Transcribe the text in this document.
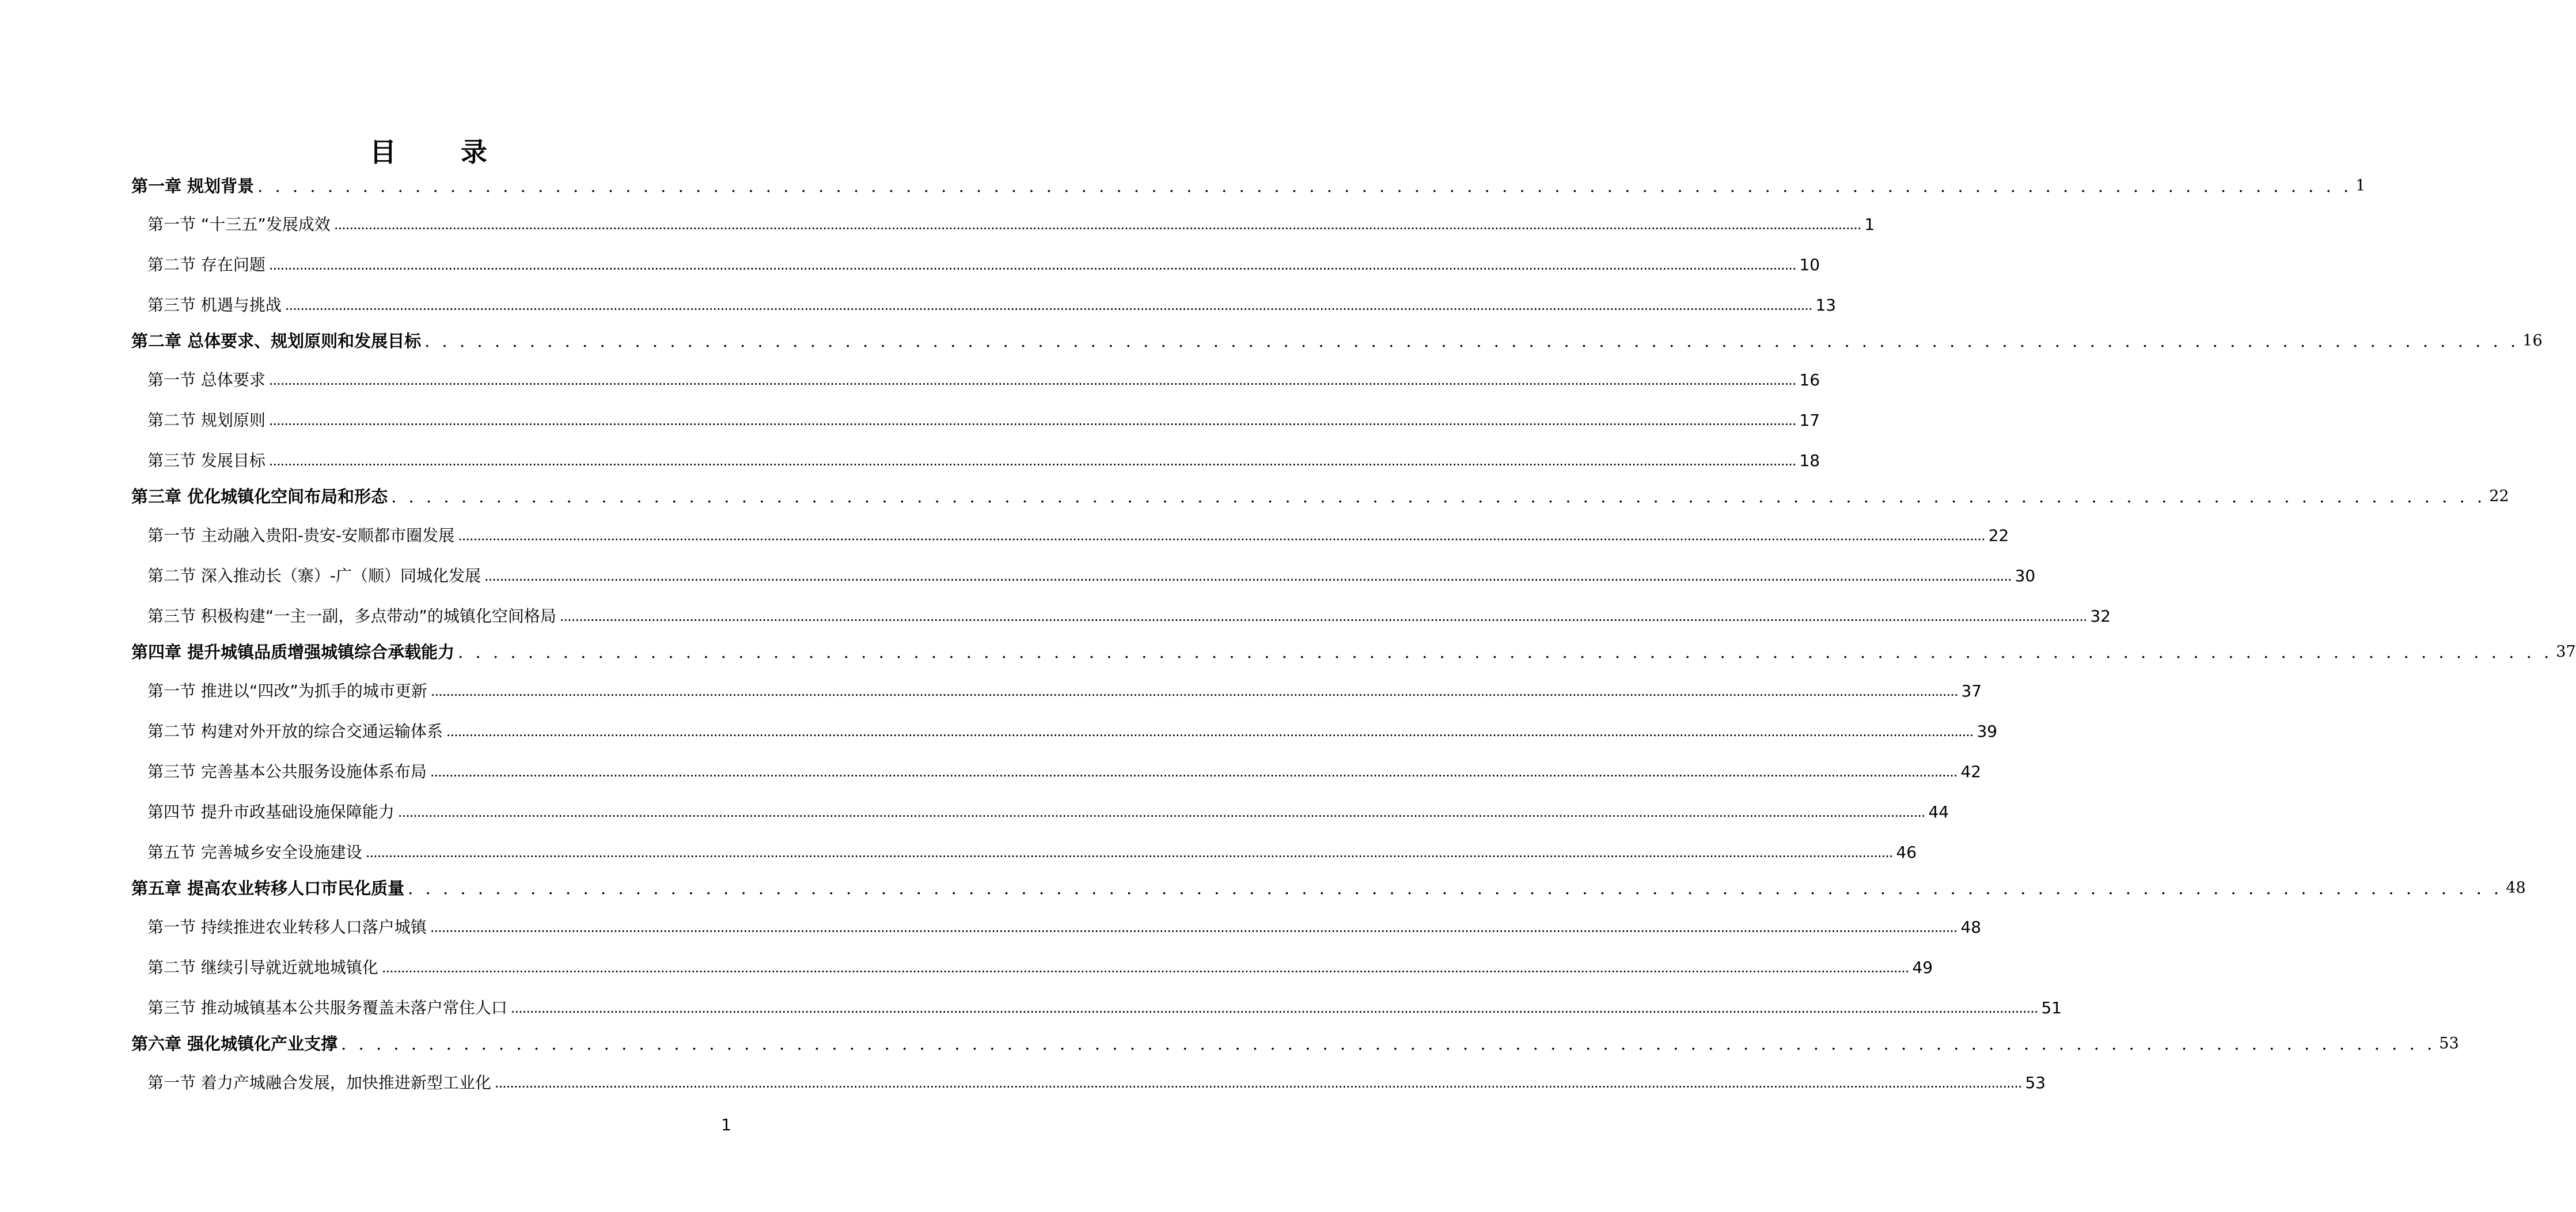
目 录
第一章 规划背景 . . . . . . . . . . . . . . . . . . . . . . . . . . . . . . . . . . . . . . . . . . . . . . . . . . . . . . . . . . . . . . . . . . . . . . . . . . . . . . . . . . . . . . . . . . . . . . . . . . . . . . . . . . . . . . . . . . . . . . . . 1
第一节 “十三五”发展成效 ................................................................................................................................................................................................................................................................................................................................................................................................................ 1
第二节 存在问题 ................................................................................................................................................................................................................................................................................................................................................................................................................ 10
第三节 机遇与挑战 ................................................................................................................................................................................................................................................................................................................................................................................................................ 13
第二章 总体要求、规划原则和发展目标 . . . . . . . . . . . . . . . . . . . . . . . . . . . . . . . . . . . . . . . . . . . . . . . . . . . . . . . . . . . . . . . . . . . . . . . . . . . . . . . . . . . . . . . . . . . . . . . . . . . . . . . . . . . . . . . . . . . . . . . . 16
第一节 总体要求 ................................................................................................................................................................................................................................................................................................................................................................................................................ 16
第二节 规划原则 ................................................................................................................................................................................................................................................................................................................................................................................................................ 17
第三节 发展目标 ................................................................................................................................................................................................................................................................................................................................................................................................................ 18
第三章 优化城镇化空间布局和形态 . . . . . . . . . . . . . . . . . . . . . . . . . . . . . . . . . . . . . . . . . . . . . . . . . . . . . . . . . . . . . . . . . . . . . . . . . . . . . . . . . . . . . . . . . . . . . . . . . . . . . . . . . . . . . . . . . . . . . . . . 22
第一节 主动融入贵阳-贵安-安顺都市圈发展 ................................................................................................................................................................................................................................................................................................................................................................................................................ 22
第二节 深入推动长（寨）-广（顺）同城化发展 ................................................................................................................................................................................................................................................................................................................................................................................................................ 30
第三节 积极构建“一主一副，多点带动”的城镇化空间格局 ................................................................................................................................................................................................................................................................................................................................................................................................................ 32
第四章 提升城镇品质增强城镇综合承载能力 . . . . . . . . . . . . . . . . . . . . . . . . . . . . . . . . . . . . . . . . . . . . . . . . . . . . . . . . . . . . . . . . . . . . . . . . . . . . . . . . . . . . . . . . . . . . . . . . . . . . . . . . . . . . . . . . . . . . . . . . 37
第一节 推进以“四改”为抓手的城市更新 ................................................................................................................................................................................................................................................................................................................................................................................................................ 37
第二节 构建对外开放的综合交通运输体系 ................................................................................................................................................................................................................................................................................................................................................................................................................ 39
第三节 完善基本公共服务设施体系布局 ................................................................................................................................................................................................................................................................................................................................................................................................................ 42
第四节 提升市政基础设施保障能力 ................................................................................................................................................................................................................................................................................................................................................................................................................ 44
第五节 完善城乡安全设施建设 ................................................................................................................................................................................................................................................................................................................................................................................................................ 46
第五章 提高农业转移人口市民化质量 . . . . . . . . . . . . . . . . . . . . . . . . . . . . . . . . . . . . . . . . . . . . . . . . . . . . . . . . . . . . . . . . . . . . . . . . . . . . . . . . . . . . . . . . . . . . . . . . . . . . . . . . . . . . . . . . . . . . . . . . 48
第一节 持续推进农业转移人口落户城镇 ................................................................................................................................................................................................................................................................................................................................................................................................................ 48
第二节 继续引导就近就地城镇化 ................................................................................................................................................................................................................................................................................................................................................................................................................ 49
第三节 推动城镇基本公共服务覆盖未落户常住人口 ................................................................................................................................................................................................................................................................................................................................................................................................................ 51
第六章 强化城镇化产业支撑 . . . . . . . . . . . . . . . . . . . . . . . . . . . . . . . . . . . . . . . . . . . . . . . . . . . . . . . . . . . . . . . . . . . . . . . . . . . . . . . . . . . . . . . . . . . . . . . . . . . . . . . . . . . . . . . . . . . . . . . . 53
第一节 着力产城融合发展，加快推进新型工业化 ................................................................................................................................................................................................................................................................................................................................................................................................................ 53
1
